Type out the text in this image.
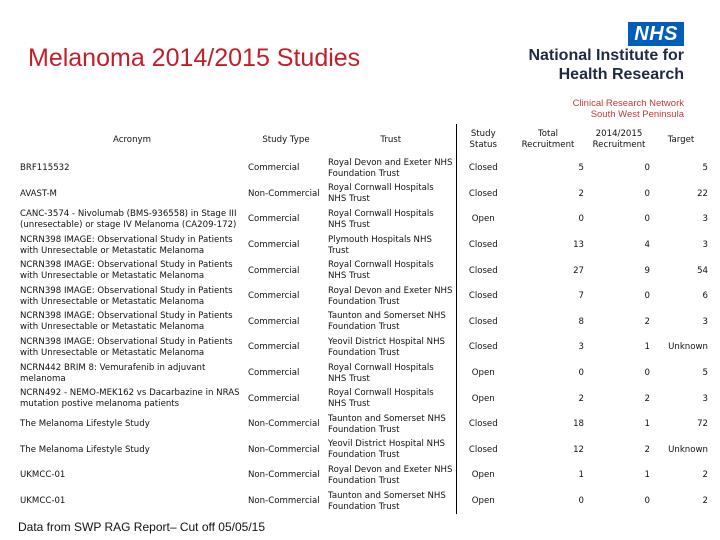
Melanoma 2014/2015 Studies
NHS
National Institute for
Health Research
Clinical Research Network
South West Peninsula
Acronym	Study Type	Trust	Study Status	Total Recruitment	2014/2015 Recruitment	Target
BRF115532	Commercial	Royal Devon and Exeter NHS Foundation Trust	Closed	5	0	5
AVAST-M	Non-Commercial	Royal Cornwall Hospitals NHS Trust	Closed	2	0	22
CANC-3574 - Nivolumab (BMS-936558) in Stage III (unresectable) or stage IV Melanoma (CA209-172)	Commercial	Royal Cornwall Hospitals NHS Trust	Open	0	0	3
NCRN398 IMAGE: Observational Study in Patients with Unresectable or Metastatic Melanoma	Commercial	Plymouth Hospitals NHS Trust	Closed	13	4	3
NCRN398 IMAGE: Observational Study in Patients with Unresectable or Metastatic Melanoma	Commercial	Royal Cornwall Hospitals NHS Trust	Closed	27	9	54
NCRN398 IMAGE: Observational Study in Patients with Unresectable or Metastatic Melanoma	Commercial	Royal Devon and Exeter NHS Foundation Trust	Closed	7	0	6
NCRN398 IMAGE: Observational Study in Patients with Unresectable or Metastatic Melanoma	Commercial	Taunton and Somerset NHS Foundation Trust	Closed	8	2	3
NCRN398 IMAGE: Observational Study in Patients with Unresectable or Metastatic Melanoma	Commercial	Yeovil District Hospital NHS Foundation Trust	Closed	3	1	Unknown
NCRN442 BRIM 8: Vemurafenib in adjuvant melanoma	Commercial	Royal Cornwall Hospitals NHS Trust	Open	0	0	5
NCRN492 - NEMO-MEK162 vs Dacarbazine in NRAS mutation postive melanoma patients	Commercial	Royal Cornwall Hospitals NHS Trust	Open	2	2	3
The Melanoma Lifestyle Study	Non-Commercial	Taunton and Somerset NHS Foundation Trust	Closed	18	1	72
The Melanoma Lifestyle Study	Non-Commercial	Yeovil District Hospital NHS Foundation Trust	Closed	12	2	Unknown
UKMCC-01	Non-Commercial	Royal Devon and Exeter NHS Foundation Trust	Open	1	1	2
UKMCC-01	Non-Commercial	Taunton and Somerset NHS Foundation Trust	Open	0	0	2
Data from SWP RAG Report– Cut off 05/05/15
